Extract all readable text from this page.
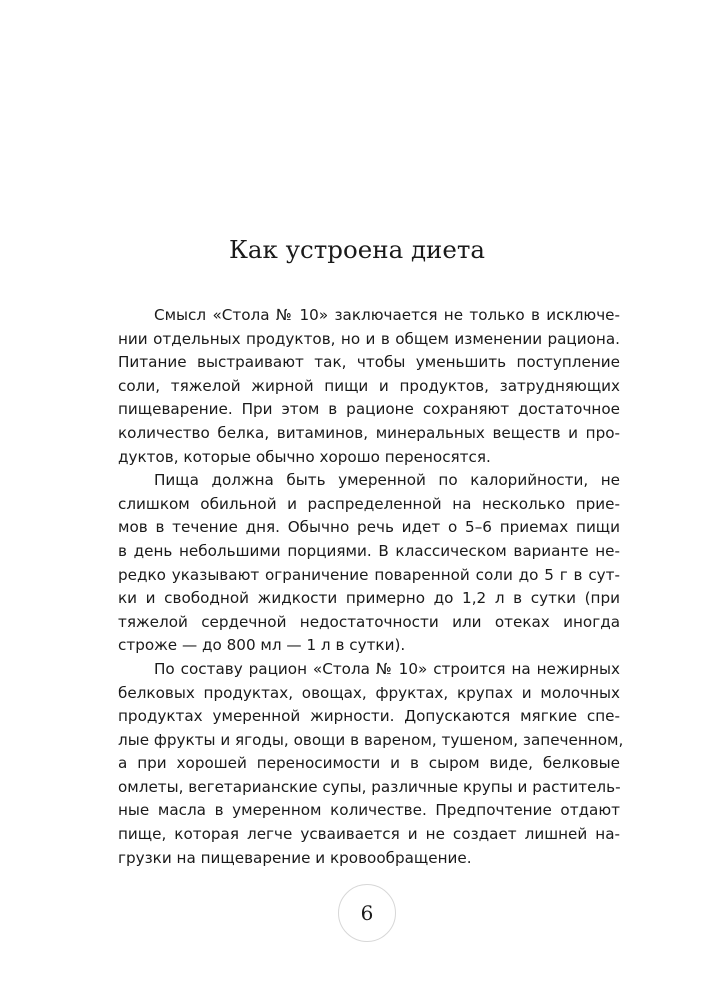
Как устроена диета

Смысл «Стола № 10» заключается не только в исключе-
нии отдельных продуктов, но и в общем изменении рациона.
Питание выстраивают так, чтобы уменьшить поступление
соли, тяжелой жирной пищи и продуктов, затрудняющих
пищеварение. При этом в рационе сохраняют достаточное
количество белка, витаминов, минеральных веществ и про-
дуктов, которые обычно хорошо переносятся.

Пища должна быть умеренной по калорийности, не
слишком обильной и распределенной на несколько прие-
мов в течение дня. Обычно речь идет о 5–6 приемах пищи
в день небольшими порциями. В классическом варианте не-
редко указывают ограничение поваренной соли до 5 г в сут-
ки и свободной жидкости примерно до 1,2 л в сутки (при
тяжелой сердечной недостаточности или отеках иногда
строже — до 800 мл — 1 л в сутки).

По составу рацион «Стола № 10» строится на нежирных
белковых продуктах, овощах, фруктах, крупах и молочных
продуктах умеренной жирности. Допускаются мягкие спе-
лые фрукты и ягоды, овощи в вареном, тушеном, запеченном,
а при хорошей переносимости и в сыром виде, белковые
омлеты, вегетарианские супы, различные крупы и раститель-
ные масла в умеренном количестве. Предпочтение отдают
пище, которая легче усваивается и не создает лишней на-
грузки на пищеварение и кровообращение.

6
